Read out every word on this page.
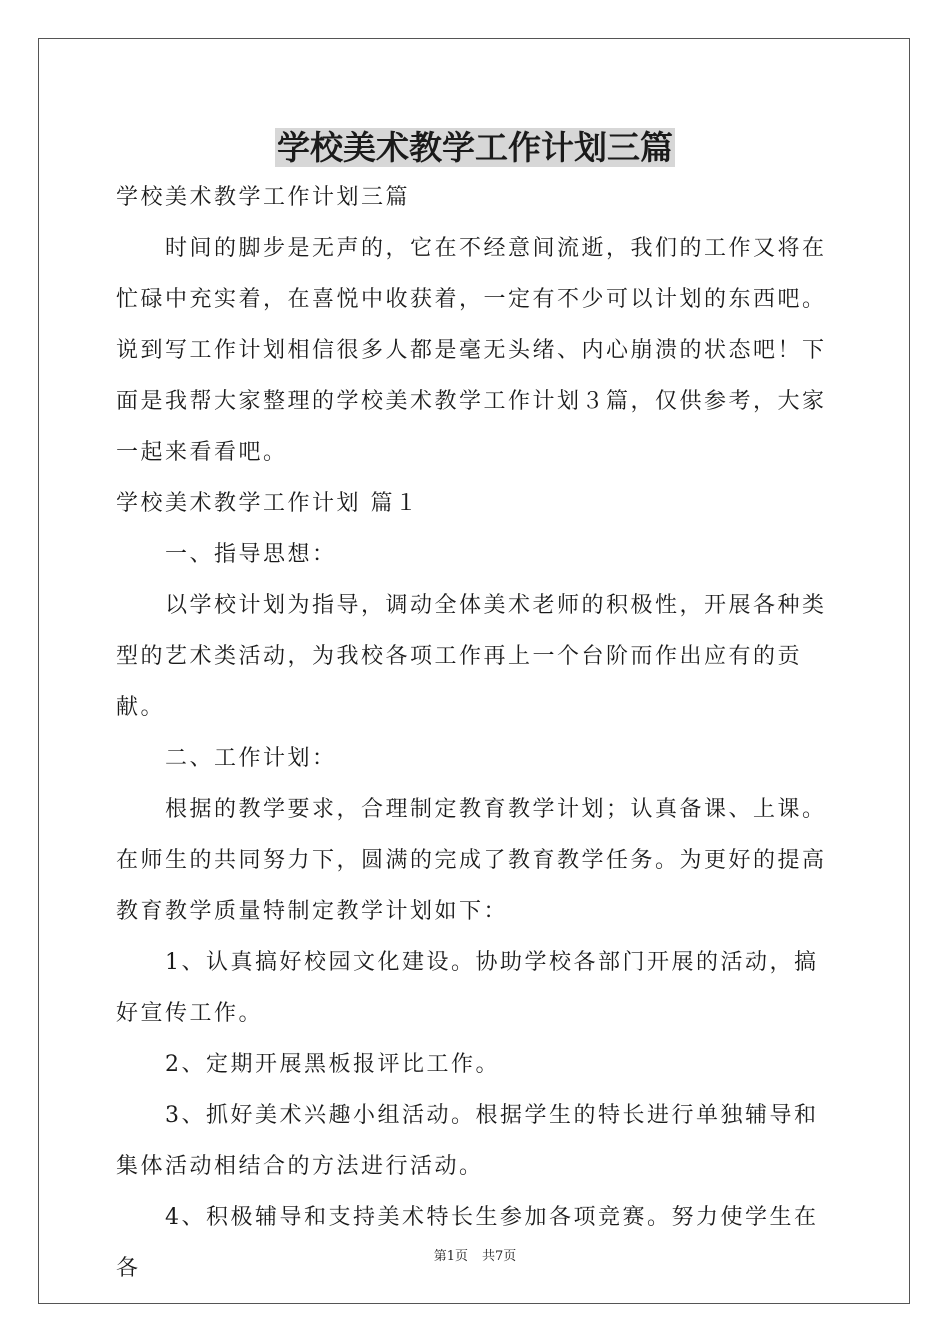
学校美术教学工作计划三篇

学校美术教学工作计划三篇

时间的脚步是无声的，它在不经意间流逝，我们的工作又将在忙碌中充实着，在喜悦中收获着，一定有不少可以计划的东西吧。说到写工作计划相信很多人都是毫无头绪、内心崩溃的状态吧！下面是我帮大家整理的学校美术教学工作计划３篇，仅供参考，大家一起来看看吧。

学校美术教学工作计划 篇１

一、指导思想：

以学校计划为指导，调动全体美术老师的积极性，开展各种类型的艺术类活动，为我校各项工作再上一个台阶而作出应有的贡献。

二、工作计划：

根据的教学要求，合理制定教育教学计划；认真备课、上课。在师生的共同努力下，圆满的完成了教育教学任务。为更好的提高教育教学质量特制定教学计划如下：

1、认真搞好校园文化建设。协助学校各部门开展的活动，搞好宣传工作。

2、定期开展黑板报评比工作。

3、抓好美术兴趣小组活动。根据学生的特长进行单独辅导和集体活动相结合的方法进行活动。

4、积极辅导和支持美术特长生参加各项竞赛。努力使学生在各	第1页 共7页
